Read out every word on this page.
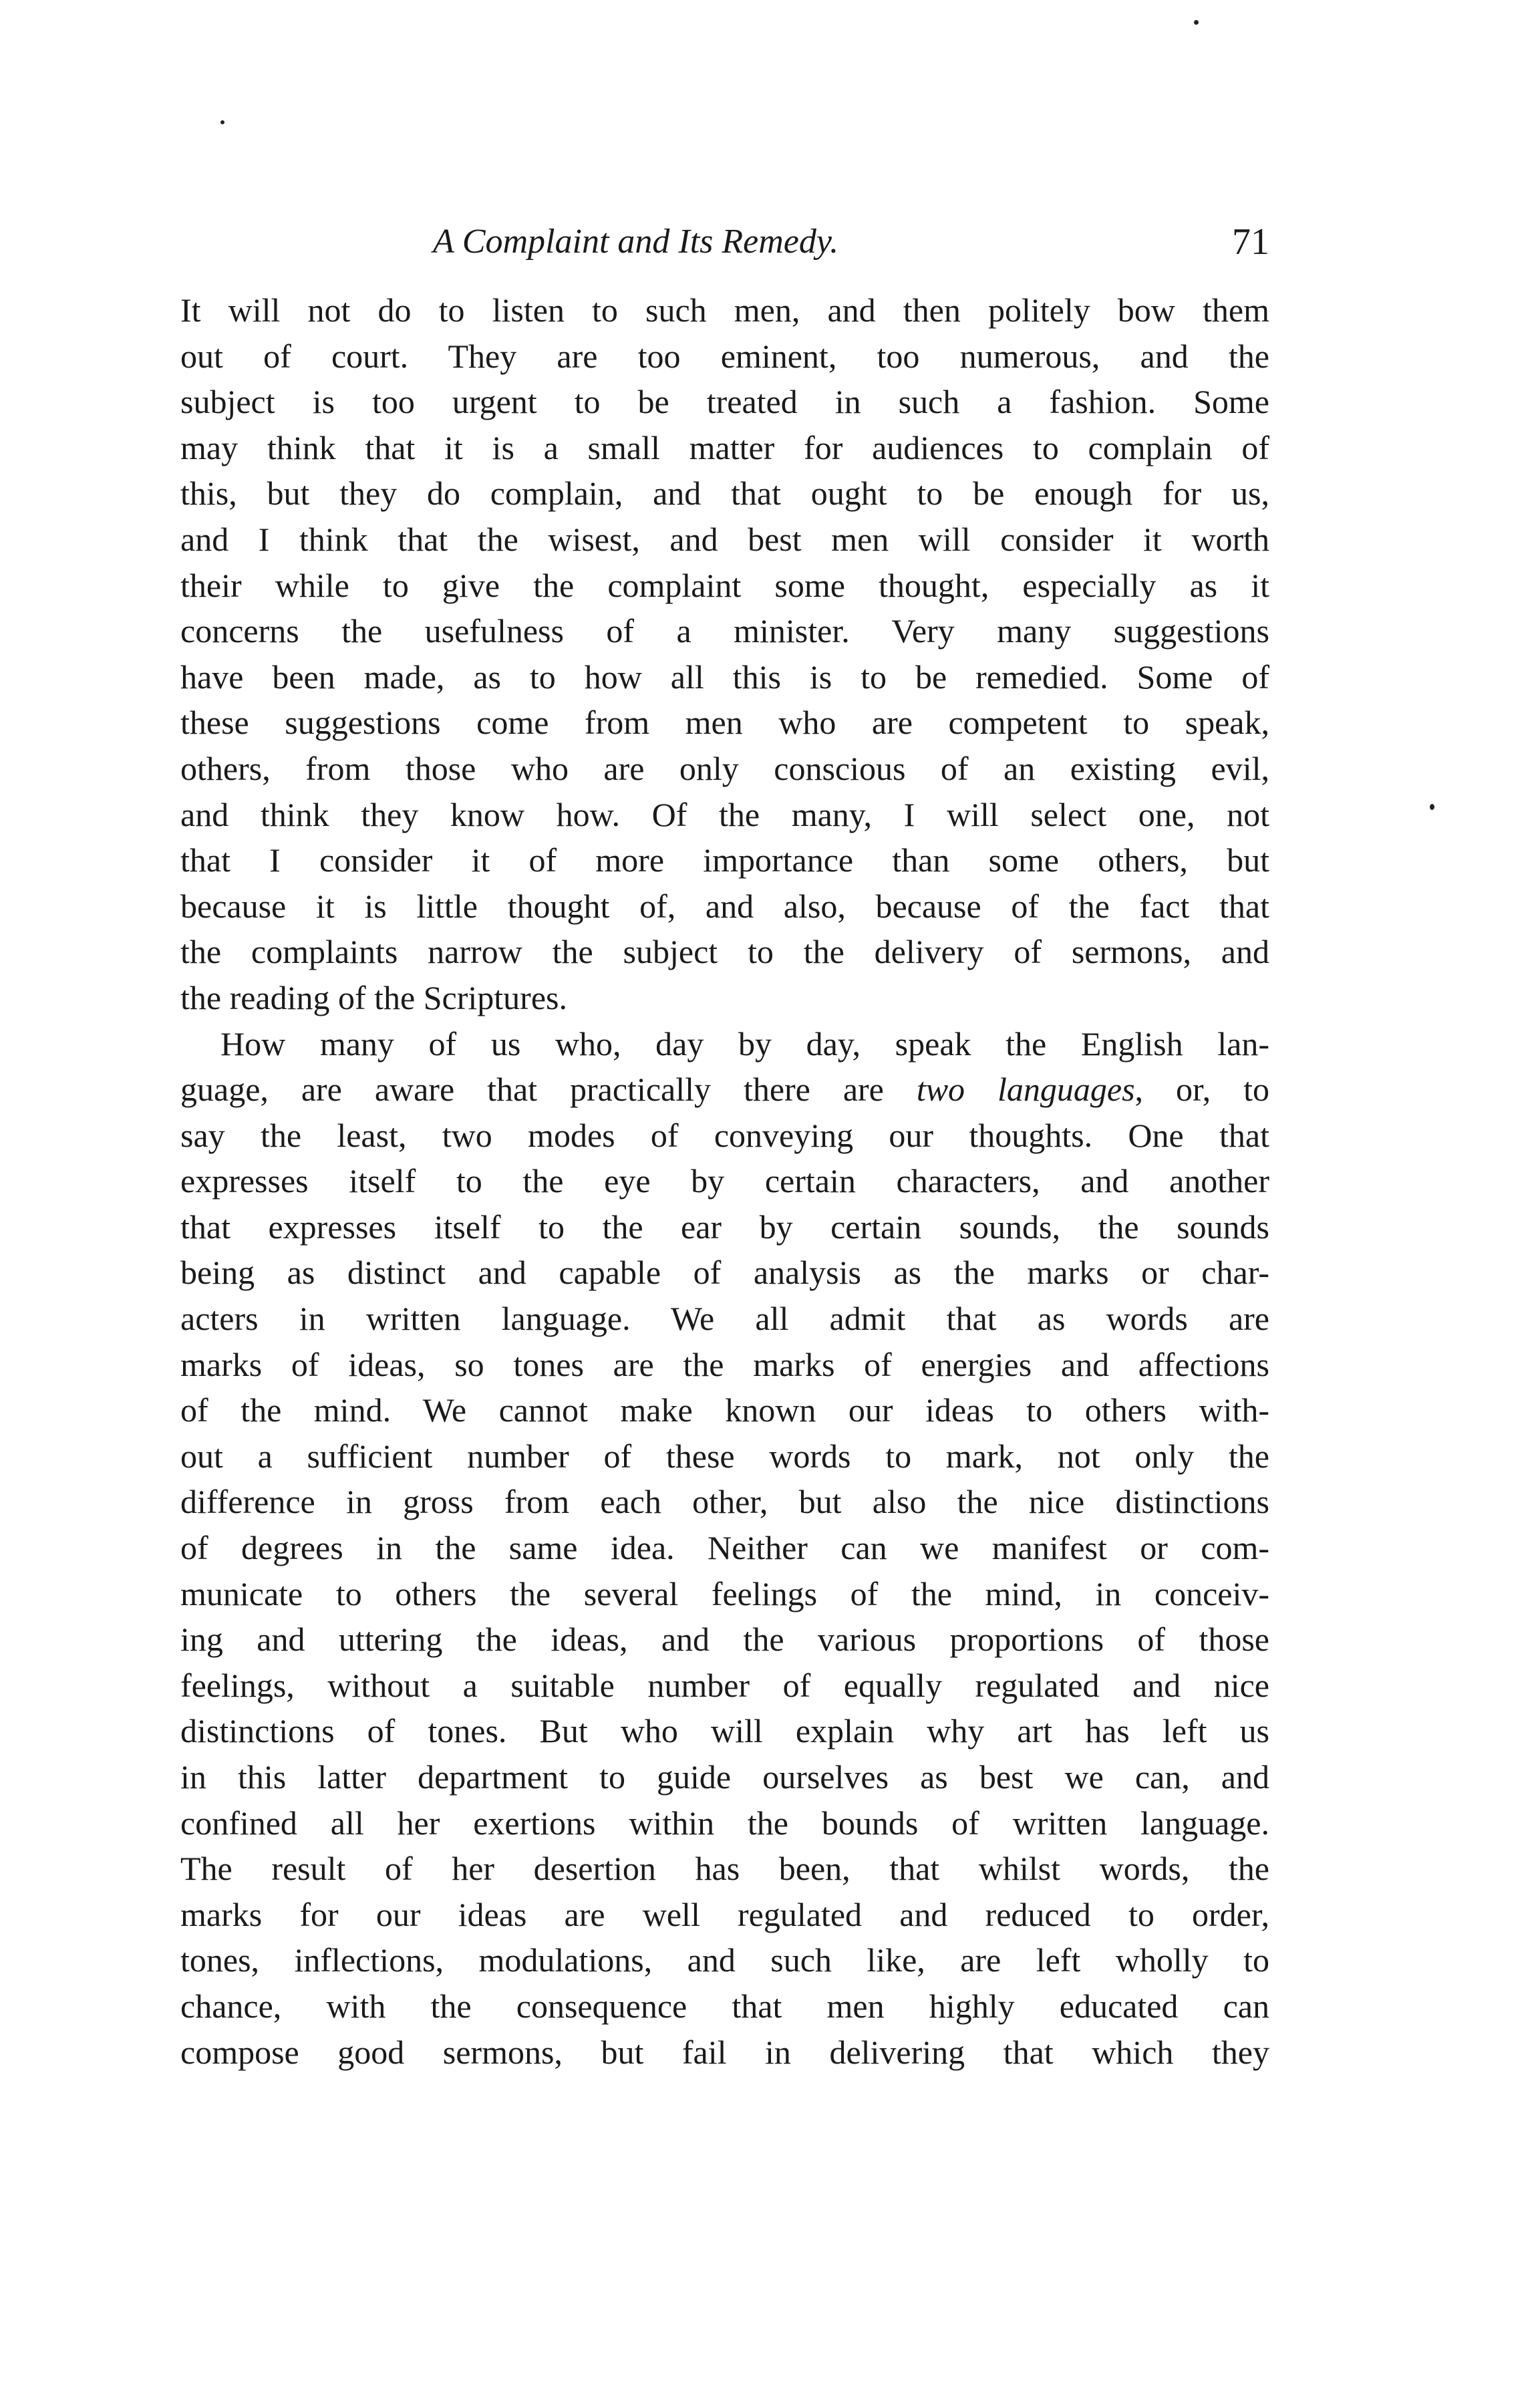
A Complaint and Its Remedy.	71
It will not do to listen to such men, and then politely bow them
out of court. They are too eminent, too numerous, and the
subject is too urgent to be treated in such a fashion. Some
may think that it is a small matter for audiences to complain of
this, but they do complain, and that ought to be enough for us,
and I think that the wisest, and best men will consider it worth
their while to give the complaint some thought, especially as it
concerns the usefulness of a minister. Very many suggestions
have been made, as to how all this is to be remedied. Some of
these suggestions come from men who are competent to speak,
others, from those who are only conscious of an existing evil,
and think they know how. Of the many, I will select one, not
that I consider it of more importance than some others, but
because it is little thought of, and also, because of the fact that
the complaints narrow the subject to the delivery of sermons, and
the reading of the Scriptures.
How many of us who, day by day, speak the English lan-
guage, are aware that practically there are two languages, or, to
say the least, two modes of conveying our thoughts. One that
expresses itself to the eye by certain characters, and another
that expresses itself to the ear by certain sounds, the sounds
being as distinct and capable of analysis as the marks or char-
acters in written language. We all admit that as words are
marks of ideas, so tones are the marks of energies and affections
of the mind. We cannot make known our ideas to others with-
out a sufficient number of these words to mark, not only the
difference in gross from each other, but also the nice distinctions
of degrees in the same idea. Neither can we manifest or com-
municate to others the several feelings of the mind, in conceiv-
ing and uttering the ideas, and the various proportions of those
feelings, without a suitable number of equally regulated and nice
distinctions of tones. But who will explain why art has left us
in this latter department to guide ourselves as best we can, and
confined all her exertions within the bounds of written language.
The result of her desertion has been, that whilst words, the
marks for our ideas are well regulated and reduced to order,
tones, inflections, modulations, and such like, are left wholly to
chance, with the consequence that men highly educated can
compose good sermons, but fail in delivering that which they
